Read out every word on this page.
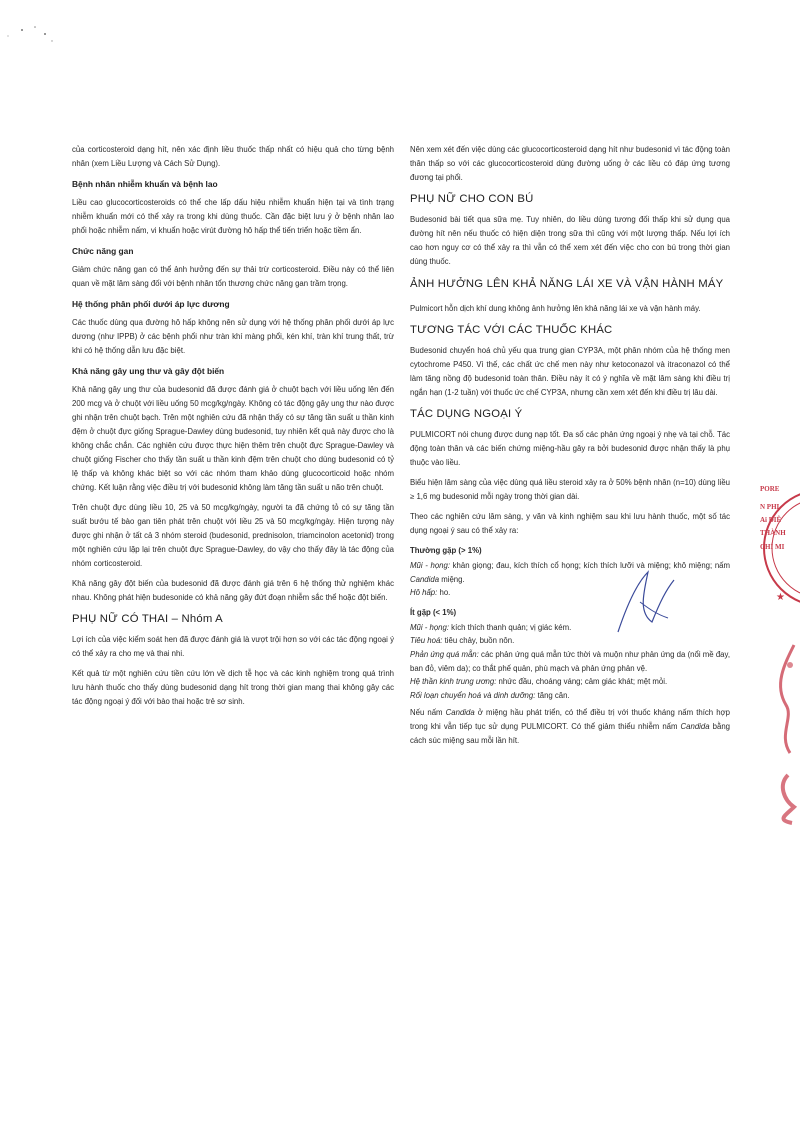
của corticosteroid dạng hít, nên xác định liều thuốc thấp nhất có hiệu quả cho từng bệnh nhân (xem Liều Lượng và Cách Sử Dụng).

Bệnh nhân nhiễm khuẩn và bệnh lao

Liều cao glucocorticosteroids có thể che lấp dấu hiệu nhiễm khuẩn hiện tại và tình trạng nhiễm khuẩn mới có thể xảy ra trong khi dùng thuốc. Cần đặc biệt lưu ý ở bệnh nhân lao phổi hoặc nhiễm nấm, vi khuẩn hoặc virút đường hô hấp thể tiến triển hoặc tiềm ẩn.

Chức năng gan

Giảm chức năng gan có thể ảnh hưởng đến sự thải trừ corticosteroid. Điều này có thể liên quan về mặt lâm sàng đối với bệnh nhân tổn thương chức năng gan trầm trọng.

Hệ thống phân phối dưới áp lực dương

Các thuốc dùng qua đường hô hấp không nên sử dụng với hệ thống phân phối dưới áp lực dương (như IPPB) ở các bệnh phổi như tràn khí màng phổi, kén khí, tràn khí trung thất, trừ khi có hệ thống dẫn lưu đặc biệt.

Khả năng gây ung thư và gây đột biến

Khả năng gây ung thư của budesonid đã được đánh giá ở chuột bạch với liều uống lên đến 200 mcg và ở chuột với liều uống 50 mcg/kg/ngày. Không có tác động gây ung thư nào được ghi nhận trên chuột bạch. Trên một nghiên cứu đã nhận thấy có sự tăng tần suất u thần kinh đệm ở chuột đực giống Sprague-Dawley dùng budesonid, tuy nhiên kết quả này được cho là không chắc chắn. Các nghiên cứu được thực hiện thêm trên chuột đực Sprague-Dawley và chuột giống Fischer cho thấy tần suất u thần kinh đệm trên chuột cho dùng budesonid có tỷ lệ thấp và không khác biệt so với các nhóm tham khảo dùng glucocorticoid hoặc nhóm chứng. Kết luận rằng việc điều trị với budesonid không làm tăng tần suất u não trên chuột.

Trên chuột đực dùng liều 10, 25 và 50 mcg/kg/ngày, người ta đã chứng tỏ có sự tăng tần suất bướu tế bào gan tiên phát trên chuột với liều 25 và 50 mcg/kg/ngày. Hiện tượng này được ghi nhận ở tất cả 3 nhóm steroid (budesonid, prednisolon, triamcinolon acetonid) trong một nghiên cứu lặp lại trên chuột đực Sprague-Dawley, do vậy cho thấy đây là tác động của nhóm corticosteroid.

Khả năng gây đột biến của budesonid đã được đánh giá trên 6 hệ thống thử nghiệm khác nhau. Không phát hiện budesonide có khả năng gây đứt đoạn nhiễm sắc thể hoặc đột biến.

PHỤ NỮ CÓ THAI – Nhóm A

Lợi ích của việc kiểm soát hen đã được đánh giá là vượt trội hơn so với các tác động ngoại ý có thể xảy ra cho mẹ và thai nhi.

Kết quả từ một nghiên cứu tiền cứu lớn về dịch tễ học và các kinh nghiệm trong quá trình lưu hành thuốc cho thấy dùng budesonid dạng hít trong thời gian mang thai không gây các tác động ngoại ý đối với bào thai hoặc trẻ sơ sinh.

Nên xem xét đến việc dùng các glucocorticosteroid dạng hít như budesonid vì tác động toàn thân thấp so với các glucocorticosteroid dùng đường uống ở các liều có đáp ứng tương đương tại phổi.

PHỤ NỮ CHO CON BÚ

Budesonid bài tiết qua sữa mẹ. Tuy nhiên, do liều dùng tương đối thấp khi sử dụng qua đường hít nên nếu thuốc có hiện diện trong sữa thì cũng với một lượng thấp. Nếu lợi ích cao hơn nguy cơ có thể xảy ra thì vẫn có thể xem xét đến việc cho con bú trong thời gian dùng thuốc.

ẢNH HƯỞNG LÊN KHẢ NĂNG LÁI XE VÀ VẬN HÀNH MÁY

Pulmicort hỗn dịch khí dung không ảnh hưởng lên khả năng lái xe và vận hành máy.

TƯƠNG TÁC VỚI CÁC THUỐC KHÁC

Budesonid chuyển hoá chủ yếu qua trung gian CYP3A, một phân nhóm của hệ thống men cytochrome P450. Vì thế, các chất ức chế men này như ketoconazol và itraconazol có thể làm tăng nồng độ budesonid toàn thân. Điều này ít có ý nghĩa về mặt lâm sàng khi điều trị ngắn hạn (1-2 tuần) với thuốc ức chế CYP3A, nhưng cần xem xét đến khi điều trị lâu dài.

TÁC DỤNG NGOẠI Ý

PULMICORT nói chung được dung nạp tốt. Đa số các phản ứng ngoại ý nhẹ và tại chỗ. Tác động toàn thân và các biến chứng miệng-hầu gây ra bởi budesonid được nhận thấy là phụ thuộc vào liều.

Biểu hiện lâm sàng của việc dùng quá liều steroid xảy ra ở 50% bệnh nhân (n=10) dùng liều ≥ 1,6 mg budesonid mỗi ngày trong thời gian dài.

Theo các nghiên cứu lâm sàng, y văn và kinh nghiệm sau khi lưu hành thuốc, một số tác dụng ngoại ý sau có thể xảy ra:

Thường gặp (> 1%)
Mũi - họng: khản giọng; đau, kích thích cổ họng; kích thích lưỡi và miệng; khô miệng; nấm Candida miệng.
Hô hấp: ho.
Ít gặp (< 1%)
Mũi - họng: kích thích thanh quản; vị giác kém.
Tiêu hoá: tiêu chảy, buồn nôn.
Phản ứng quá mẫn: các phản ứng quá mẫn tức thời và muộn như phản ứng da (nổi mề đay, ban đỏ, viêm da); co thắt phế quản, phù mạch và phản ứng phản vệ.
Hệ thần kinh trung ương: nhức đầu, choáng váng; cảm giác khát; mệt mỏi.
Rối loạn chuyển hoá và dinh dưỡng: tăng cân.

Nếu nấm Candida ở miệng hầu phát triển, có thể điều trị với thuốc kháng nấm thích hợp trong khi vẫn tiếp tục sử dụng PULMICORT. Có thể giảm thiểu nhiễm nấm Candida bằng cách súc miệng sau mỗi lần hít.

★
PORE
N PHI
Ai DIÊ
THÀNH
CHÍ MI
